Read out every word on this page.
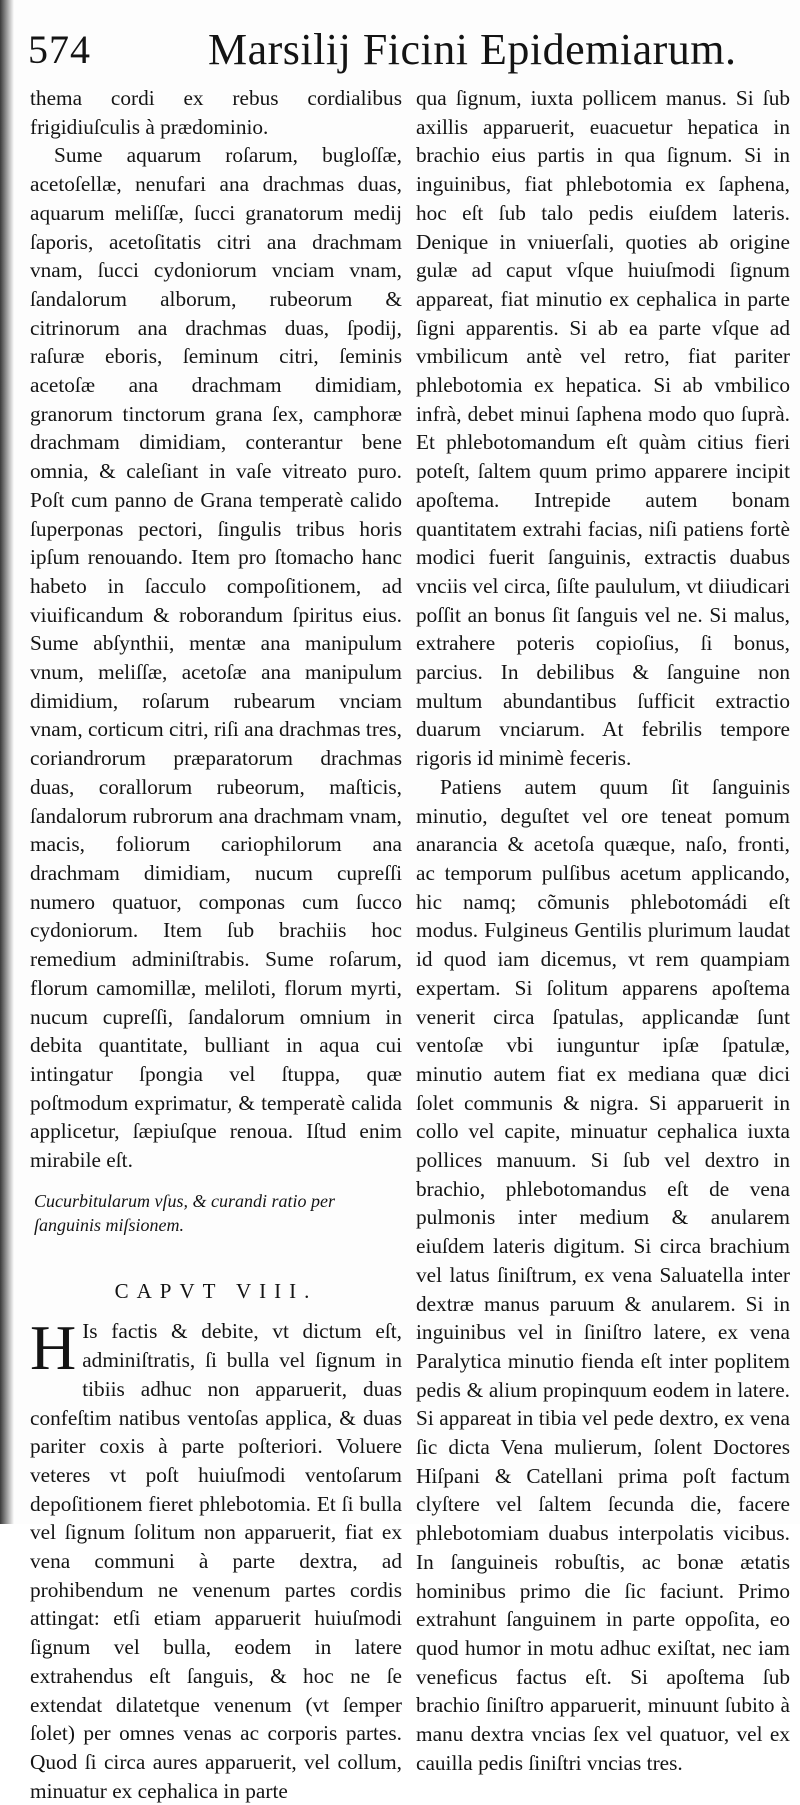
574	Marsilij Ficini Epidemiarum.

thema cordi ex rebus cordialibus frigidiuſculis à prædominio.

Sume aquarum roſarum, bugloſſæ, acetoſellæ, nenufari ana drachmas duas, aquarum meliſſæ, ſucci granatorum medij ſaporis, acetoſitatis citri ana drachmam vnam, ſucci cydoniorum vnciam vnam, ſandalorum alborum, rubeorum & citrinorum ana drachmas duas, ſpodij, raſuræ eboris, ſeminum citri, ſeminis acetoſæ ana drachmam dimidiam, granorum tinctorum grana ſex, camphoræ drachmam dimidiam, conterantur bene omnia, & caleſiant in vaſe vitreato puro. Poſt cum panno de Grana temperatè calido ſuperponas pectori, ſingulis tribus horis ipſum renouando. Item pro ſtomacho hanc habeto in ſacculo compoſitionem, ad viuificandum & roborandum ſpiritus eius. Sume abſynthii, mentæ ana manipulum vnum, meliſſæ, acetoſæ ana manipulum dimidium, roſarum rubearum vnciam vnam, corticum citri, riſi ana drachmas tres, coriandrorum præparatorum drachmas duas, corallorum rubeorum, maſticis, ſandalorum rubrorum ana drachmam vnam, macis, foliorum cariophilorum ana drachmam dimidiam, nucum cupreſſi numero quatuor, componas cum ſucco cydoniorum. Item ſub brachiis hoc remedium adminiſtrabis. Sume roſarum, florum camomillæ, meliloti, florum myrti, nucum cupreſſi, ſandalorum omnium in debita quantitate, bulliant in aqua cui intingatur ſpongia vel ſtuppa, quæ poſtmodum exprimatur, & temperatè calida applicetur, ſæpiuſque renoua. Iſtud enim mirabile eſt.

Cucurbitularum vſus, & curandi ratio per ſanguinis miſsionem.

CAPVT VIII.

H Is factis & debite, vt dictum eſt, adminiſtratis, ſi bulla vel ſignum in tibiis adhuc non apparuerit, duas confeſtim natibus ventoſas applica, & duas pariter coxis à parte poſteriori. Voluere veteres vt poſt huiuſmodi ventoſarum depoſitionem fieret phlebotomia. Et ſi bulla vel ſignum ſolitum non apparuerit, fiat ex vena communi à parte dextra, ad prohibendum ne venenum partes cordis attingat: etſi etiam apparuerit huiuſmodi ſignum vel bulla, eodem in latere extrahendus eſt ſanguis, & hoc ne ſe extendat dilatetque venenum (vt ſemper ſolet) per omnes venas ac corporis partes. Quod ſi circa aures apparuerit, vel collum, minuatur ex cephalica in parte

qua ſignum, iuxta pollicem manus. Si ſub axillis apparuerit, euacuetur hepatica in brachio eius partis in qua ſignum. Si in inguinibus, fiat phlebotomia ex ſaphena, hoc eſt ſub talo pedis eiuſdem lateris. Denique in vniuerſali, quoties ab origine gulæ ad caput vſque huiuſmodi ſignum appareat, fiat minutio ex cephalica in parte ſigni apparentis. Si ab ea parte vſque ad vmbilicum antè vel retro, fiat pariter phlebotomia ex hepatica. Si ab vmbilico infrà, debet minui ſaphena modo quo ſuprà. Et phlebotomandum eſt quàm citius fieri poteſt, ſaltem quum primo apparere incipit apoſtema. Intrepide autem bonam quantitatem extrahi facias, niſi patiens fortè modici fuerit ſanguinis, extractis duabus vnciis vel circa, ſiſte paululum, vt diiudicari poſſit an bonus ſit ſanguis vel ne. Si malus, extrahere poteris copioſius, ſi bonus, parcius. In debilibus & ſanguine non multum abundantibus ſufficit extractio duarum vnciarum. At febrilis tempore rigoris id minimè feceris.

Patiens autem quum ſit ſanguinis minutio, deguſtet vel ore teneat pomum anarancia & acetoſa quæque, naſo, fronti, ac temporum pulſibus acetum applicando, hic namq; cõmunis phlebotomádi eſt modus. Fulgineus Gentilis plurimum laudat id quod iam dicemus, vt rem quampiam expertam. Si ſolitum apparens apoſtema venerit circa ſpatulas, applicandæ ſunt ventoſæ vbi iunguntur ipſæ ſpatulæ, minutio autem fiat ex mediana quæ dici ſolet communis & nigra. Si apparuerit in collo vel capite, minuatur cephalica iuxta pollices manuum. Si ſub vel dextro in brachio, phlebotomandus eſt de vena pulmonis inter medium & anularem eiuſdem lateris digitum. Si circa brachium vel latus ſiniſtrum, ex vena Saluatella inter dextræ manus paruum & anularem. Si in inguinibus vel in ſiniſtro latere, ex vena Paralytica minutio fienda eſt inter poplitem pedis & alium propinquum eodem in latere. Si appareat in tibia vel pede dextro, ex vena ſic dicta Vena mulierum, ſolent Doctores Hiſpani & Catellani prima poſt factum clyſtere vel ſaltem ſecunda die, facere phlebotomiam duabus interpolatis vicibus. In ſanguineis robuſtis, ac bonæ ætatis hominibus primo die ſic faciunt. Primo extrahunt ſanguinem in parte oppoſita, eo quod humor in motu adhuc exiſtat, nec iam veneficus factus eſt. Si apoſtema ſub brachio ſiniſtro apparuerit, minuunt ſubito à manu dextra vncias ſex vel quatuor, vel ex cauilla pedis ſiniſtri vncias tres.
